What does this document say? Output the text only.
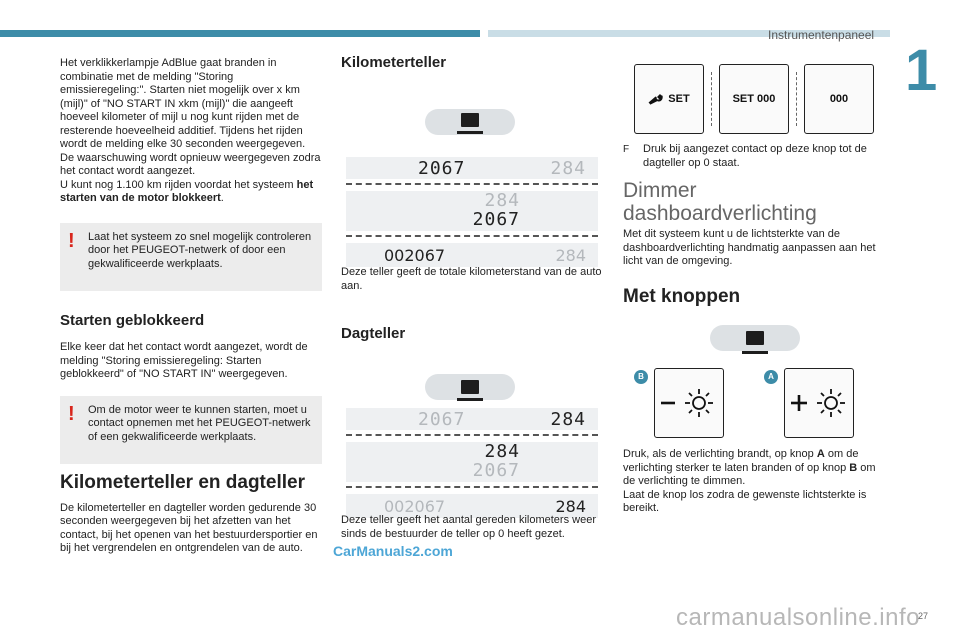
Instrumentenpaneel
1

Het verklikkerlampje AdBlue gaat branden in combinatie met de melding "Storing emissieregeling:". Starten niet mogelijk over x km (mijl)" of "NO START IN xkm (mijl)" die aangeeft hoeveel kilometer of mijl u nog kunt rijden met de resterende hoeveelheid additief. Tijdens het rijden wordt de melding elke 30 seconden weergegeven. De waarschuwing wordt opnieuw weergegeven zodra het contact wordt aangezet.

U kunt nog 1.100 km rijden voordat het systeem het starten van de motor blokkeert.

! Laat het systeem zo snel mogelijk controleren door het PEUGEOT-netwerk of door een gekwalificeerde werkplaats.
Starten geblokkeerd

Elke keer dat het contact wordt aangezet, wordt de melding "Storing emissieregeling: Starten geblokkeerd" of "NO START IN" weergegeven.

! Om de motor weer te kunnen starten, moet u contact opnemen met het PEUGEOT-netwerk of een gekwalificeerde werkplaats.
Kilometerteller en dagteller

De kilometerteller en dagteller worden gedurende 30 seconden weergegeven bij het afzetten van het contact, bij het openen van het bestuurdersportier en bij het vergrendelen en ontgrendelen van de auto.

Kilometerteller
2067	284
284
2067
002067	284
Deze teller geeft de totale kilometerstand van de auto aan.
Dagteller
2067	284
284
2067
002067	284
Deze teller geeft het aantal gereden kilometers weer sinds de bestuurder de teller op 0 heeft gezet.
SET	SET 000	000
F	Druk bij aangezet contact op deze knop tot de dagteller op 0 staat.
Dimmer
dashboardverlichting
Met dit systeem kunt u de lichtsterkte van de dashboardverlichting handmatig aanpassen aan het licht van de omgeving.
Met knoppen
B	A
Druk, als de verlichting brandt, op knop A om de verlichting sterker te laten branden of op knop B om de verlichting te dimmen.
Laat de knop los zodra de gewenste lichtsterkte is bereikt.
CarManuals2.com
carmanualsonline.info
27
